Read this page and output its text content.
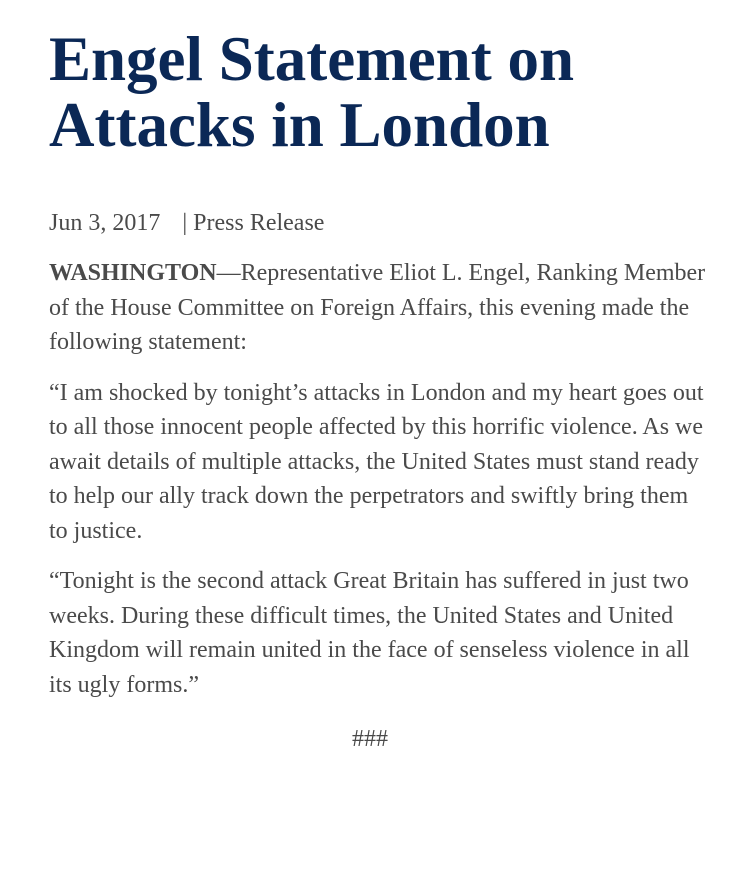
Engel Statement on
Attacks in London
Jun 3, 2017 | Press Release

WASHINGTON—Representative Eliot L. Engel, Ranking Member of the House Committee on Foreign Affairs, this evening made the following statement:

“I am shocked by tonight’s attacks in London and my heart goes out to all those innocent people affected by this horrific violence. As we await details of multiple attacks, the United States must stand ready to help our ally track down the perpetrators and swiftly bring them to justice.

“Tonight is the second attack Great Britain has suffered in just two weeks. During these difficult times, the United States and United Kingdom will remain united in the face of senseless violence in all its ugly forms.”

###
